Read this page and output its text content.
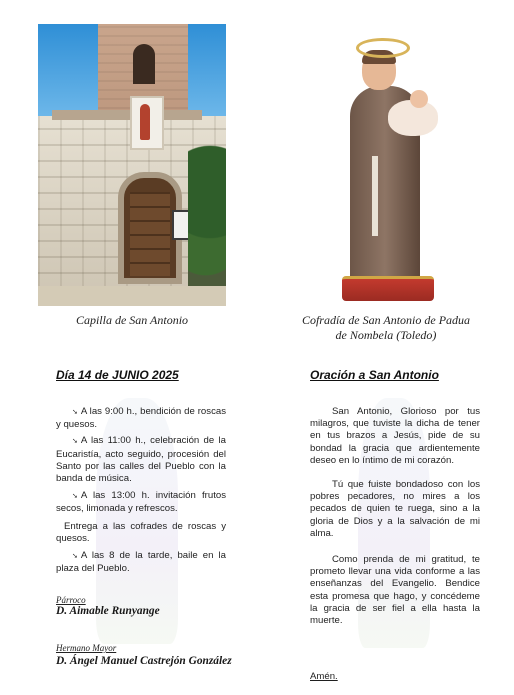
Capilla de San Antonio	Cofradía de San Antonio de Padua
de Nombela (Toledo)
Día 14 de JUNIO 2025
➘ A las 9:00 h., bendición de roscas y quesos.
➘ A las 11:00 h., celebración de la Eucaristía, acto seguido, procesión del Santo por las calles del Pueblo con la banda de música.
➘ A las 13:00 h. invitación frutos secos, limonada y refrescos.
Entrega a las cofrades de roscas y quesos.
➘ A las 8 de la tarde, baile en la plaza del Pueblo.
Párroco
D. Aimable Runyange
Hermano Mayor
D. Ángel Manuel Castrejón González
Oración a San Antonio
San Antonio, Glorioso por tus milagros, que tuviste la dicha de tener en tus brazos a Jesús, pide de su bondad la gracia que ardientemente deseo en lo íntimo de mi corazón.
Tú que fuiste bondadoso con los pobres pecadores, no mires a los pecados de quien te ruega, sino a la gloria de Dios y a la salvación de mi alma.
Como prenda de mi gratitud, te prometo llevar una vida conforme a las enseñanzas del Evangelio. Bendice esta promesa que hago, y concédeme la gracia de ser fiel a ella hasta la muerte.
Amén.
